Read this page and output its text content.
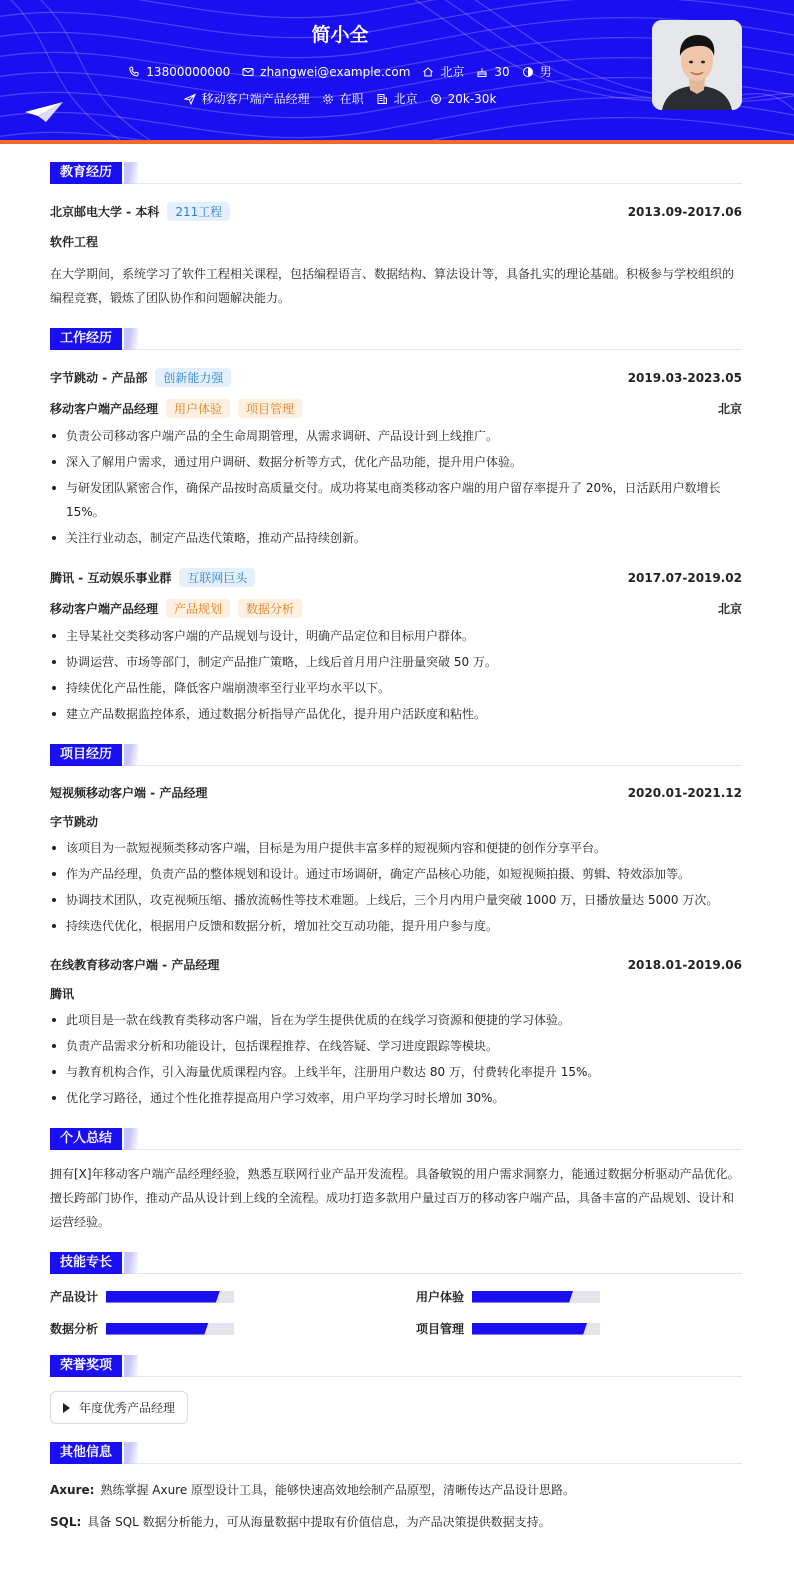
简小全
13800000000	zhangwei@example.com	北京	30	男
移动客户端产品经理	在职	北京	20k-30k
教育经历
北京邮电大学 - 本科	211工程	2013.09-2017.06
软件工程
在大学期间，系统学习了软件工程相关课程，包括编程语言、数据结构、算法设计等，具备扎实的理论基础。积极参与学校组织的编程竞赛，锻炼了团队协作和问题解决能力。
工作经历
字节跳动 - 产品部	创新能力强	2019.03-2023.05
移动客户端产品经理	用户体验	项目管理	北京
负责公司移动客户端产品的全生命周期管理，从需求调研、产品设计到上线推广。
深入了解用户需求，通过用户调研、数据分析等方式，优化产品功能，提升用户体验。
与研发团队紧密合作，确保产品按时高质量交付。成功将某电商类移动客户端的用户留存率提升了 20%，日活跃用户数增长 15%。
关注行业动态，制定产品迭代策略，推动产品持续创新。
腾讯 - 互动娱乐事业群	互联网巨头	2017.07-2019.02
移动客户端产品经理	产品规划	数据分析	北京
主导某社交类移动客户端的产品规划与设计，明确产品定位和目标用户群体。
协调运营、市场等部门，制定产品推广策略，上线后首月用户注册量突破 50 万。
持续优化产品性能，降低客户端崩溃率至行业平均水平以下。
建立产品数据监控体系，通过数据分析指导产品优化，提升用户活跃度和粘性。
项目经历
短视频移动客户端 - 产品经理	2020.01-2021.12
字节跳动
该项目为一款短视频类移动客户端，目标是为用户提供丰富多样的短视频内容和便捷的创作分享平台。
作为产品经理，负责产品的整体规划和设计。通过市场调研，确定产品核心功能，如短视频拍摄、剪辑、特效添加等。
协调技术团队，攻克视频压缩、播放流畅性等技术难题。上线后，三个月内用户量突破 1000 万，日播放量达 5000 万次。
持续迭代优化，根据用户反馈和数据分析，增加社交互动功能，提升用户参与度。
在线教育移动客户端 - 产品经理	2018.01-2019.06
腾讯
此项目是一款在线教育类移动客户端，旨在为学生提供优质的在线学习资源和便捷的学习体验。
负责产品需求分析和功能设计，包括课程推荐、在线答疑、学习进度跟踪等模块。
与教育机构合作，引入海量优质课程内容。上线半年，注册用户数达 80 万，付费转化率提升 15%。
优化学习路径，通过个性化推荐提高用户学习效率，用户平均学习时长增加 30%。
个人总结
拥有[X]年移动客户端产品经理经验，熟悉互联网行业产品开发流程。具备敏锐的用户需求洞察力，能通过数据分析驱动产品优化。擅长跨部门协作，推动产品从设计到上线的全流程。成功打造多款用户量过百万的移动客户端产品，具备丰富的产品规划、设计和运营经验。
技能专长
产品设计	用户体验
数据分析	项目管理
荣誉奖项
年度优秀产品经理
其他信息
Axure: 熟练掌握 Axure 原型设计工具，能够快速高效地绘制产品原型，清晰传达产品设计思路。
SQL: 具备 SQL 数据分析能力，可从海量数据中提取有价值信息，为产品决策提供数据支持。
